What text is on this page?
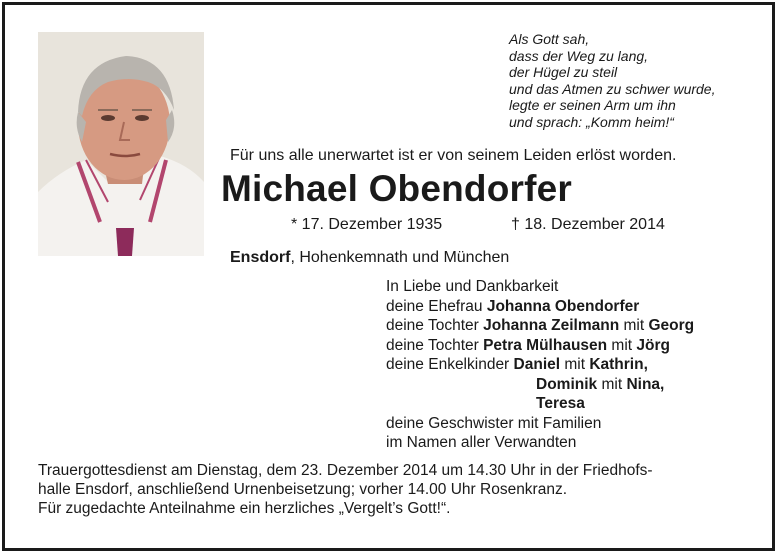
Als Gott sah,
dass der Weg zu lang,
der Hügel zu steil
und das Atmen zu schwer wurde,
legte er seinen Arm um ihn
und sprach: „Komm heim!“
Für uns alle unerwartet ist er von seinem Leiden erlöst worden.
Michael Obendorfer
* 17. Dezember 1935	† 18. Dezember 2014
Ensdorf, Hohenkemnath und München
In Liebe und Dankbarkeit
deine Ehefrau Johanna Obendorfer
deine Tochter Johanna Zeilmann mit Georg
deine Tochter Petra Mülhausen mit Jörg
deine Enkelkinder Daniel mit Kathrin,
Dominik mit Nina,
Teresa
deine Geschwister mit Familien
im Namen aller Verwandten
Trauergottesdienst am Dienstag, dem 23. Dezember 2014 um 14.30 Uhr in der Friedhofs-
halle Ensdorf, anschließend Urnenbeisetzung; vorher 14.00 Uhr Rosenkranz.
Für zugedachte Anteilnahme ein herzliches „Vergelt’s Gott!“.
